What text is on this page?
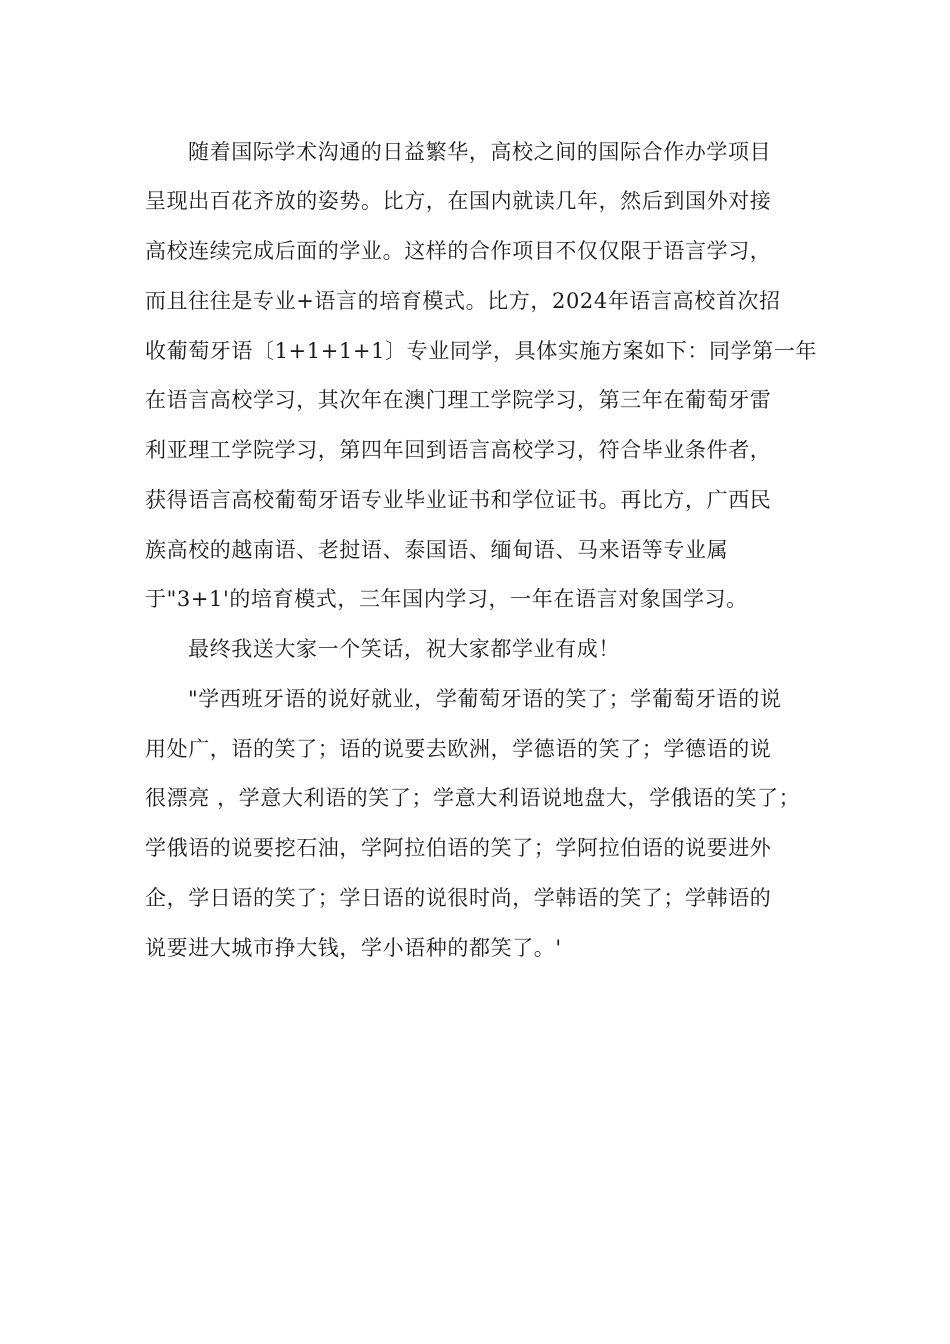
随着国际学术沟通的日益繁华，高校之间的国际合作办学项目
呈现出百花齐放的姿势。比方，在国内就读几年，然后到国外对接
高校连续完成后面的学业。这样的合作项目不仅仅限于语言学习，
而且往往是专业+语言的培育模式。比方，2024年语言高校首次招
收葡萄牙语〔1+1+1+1〕专业同学，具体实施方案如下：同学第一年
在语言高校学习，其次年在澳门理工学院学习，第三年在葡萄牙雷
利亚理工学院学习，第四年回到语言高校学习，符合毕业条件者，
获得语言高校葡萄牙语专业毕业证书和学位证书。再比方，广西民
族高校的越南语、老挝语、泰国语、缅甸语、马来语等专业属
于"3+1'的培育模式，三年国内学习，一年在语言对象国学习。
最终我送大家一个笑话，祝大家都学业有成！
"学西班牙语的说好就业，学葡萄牙语的笑了；学葡萄牙语的说
用处广，语的笑了；语的说要去欧洲，学德语的笑了；学德语的说
很漂亮 ，学意大利语的笑了；学意大利语说地盘大，学俄语的笑了；
学俄语的说要挖石油，学阿拉伯语的笑了；学阿拉伯语的说要进外
企，学日语的笑了；学日语的说很时尚，学韩语的笑了；学韩语的
说要进大城市挣大钱，学小语种的都笑了。'
